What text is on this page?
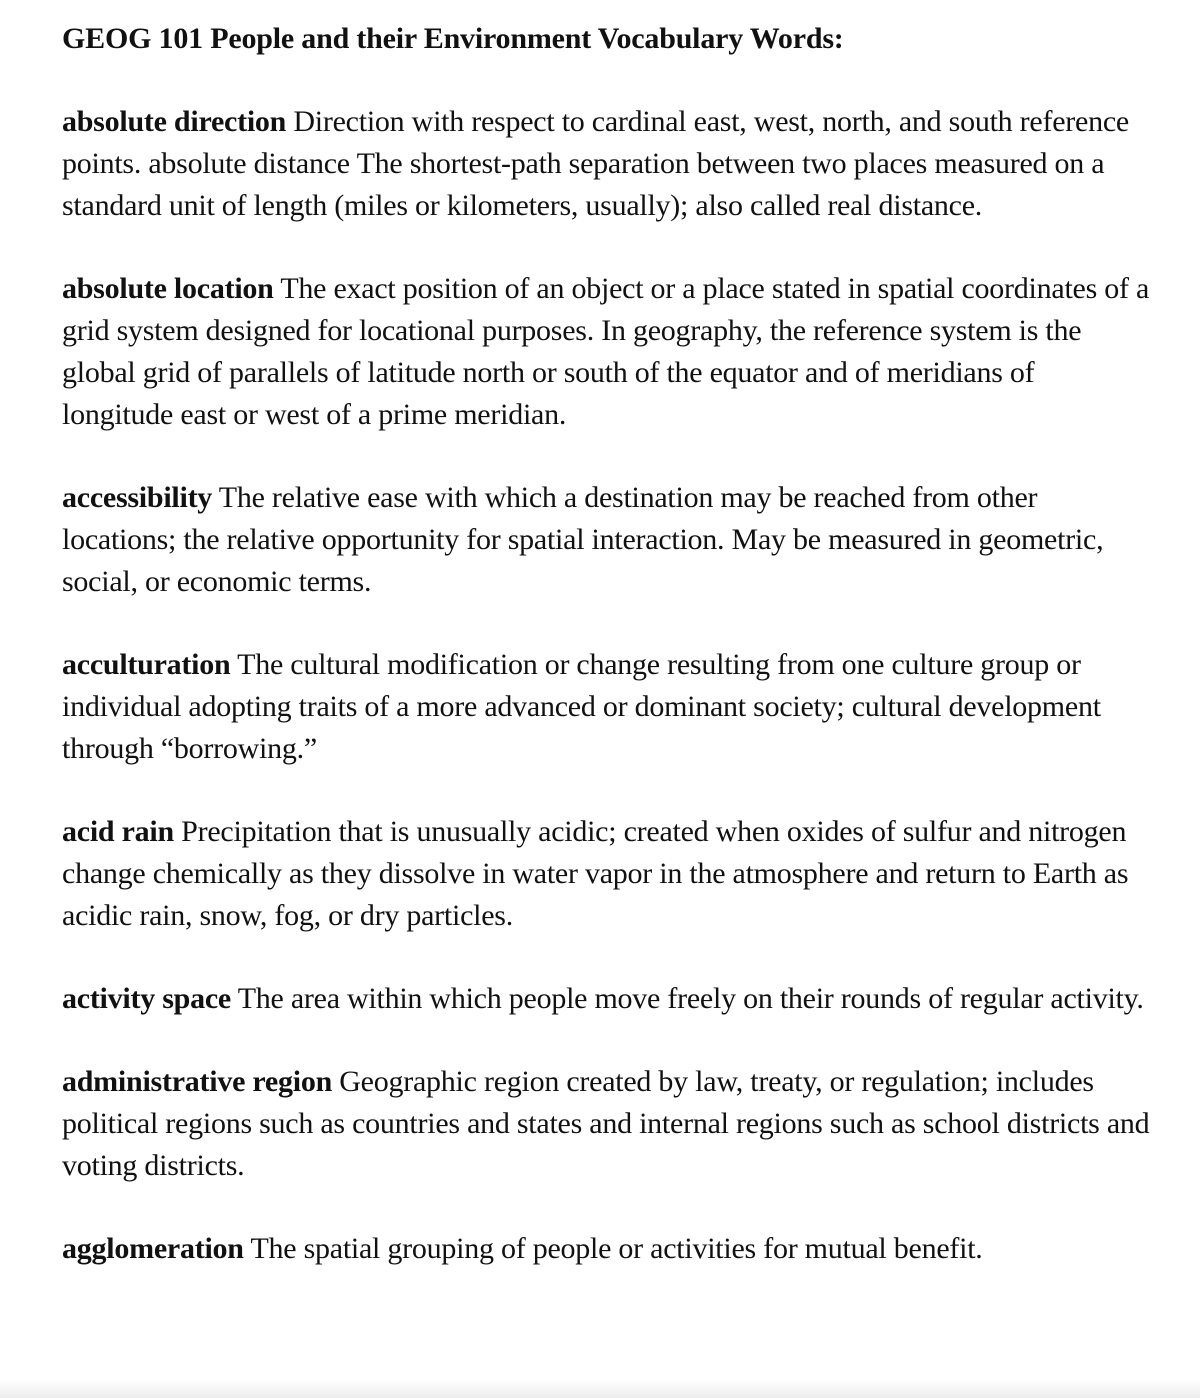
GEOG 101 People and their Environment Vocabulary Words:

absolute direction Direction with respect to cardinal east, west, north, and south reference points. absolute distance The shortest-path separation between two places measured on a standard unit of length (miles or kilometers, usually); also called real distance.

absolute location The exact position of an object or a place stated in spatial coordinates of a grid system designed for locational purposes. In geography, the reference system is the global grid of parallels of latitude north or south of the equator and of meridians of longitude east or west of a prime meridian.

accessibility The relative ease with which a destination may be reached from other locations; the relative opportunity for spatial interaction. May be measured in geometric, social, or economic terms.

acculturation The cultural modification or change resulting from one culture group or individual adopting traits of a more advanced or dominant society; cultural development through “borrowing.”

acid rain Precipitation that is unusually acidic; created when oxides of sulfur and nitrogen change chemically as they dissolve in water vapor in the atmosphere and return to Earth as acidic rain, snow, fog, or dry particles.

activity space The area within which people move freely on their rounds of regular activity.

administrative region Geographic region created by law, treaty, or regulation; includes political regions such as countries and states and internal regions such as school districts and voting districts.

agglomeration The spatial grouping of people or activities for mutual benefit.
